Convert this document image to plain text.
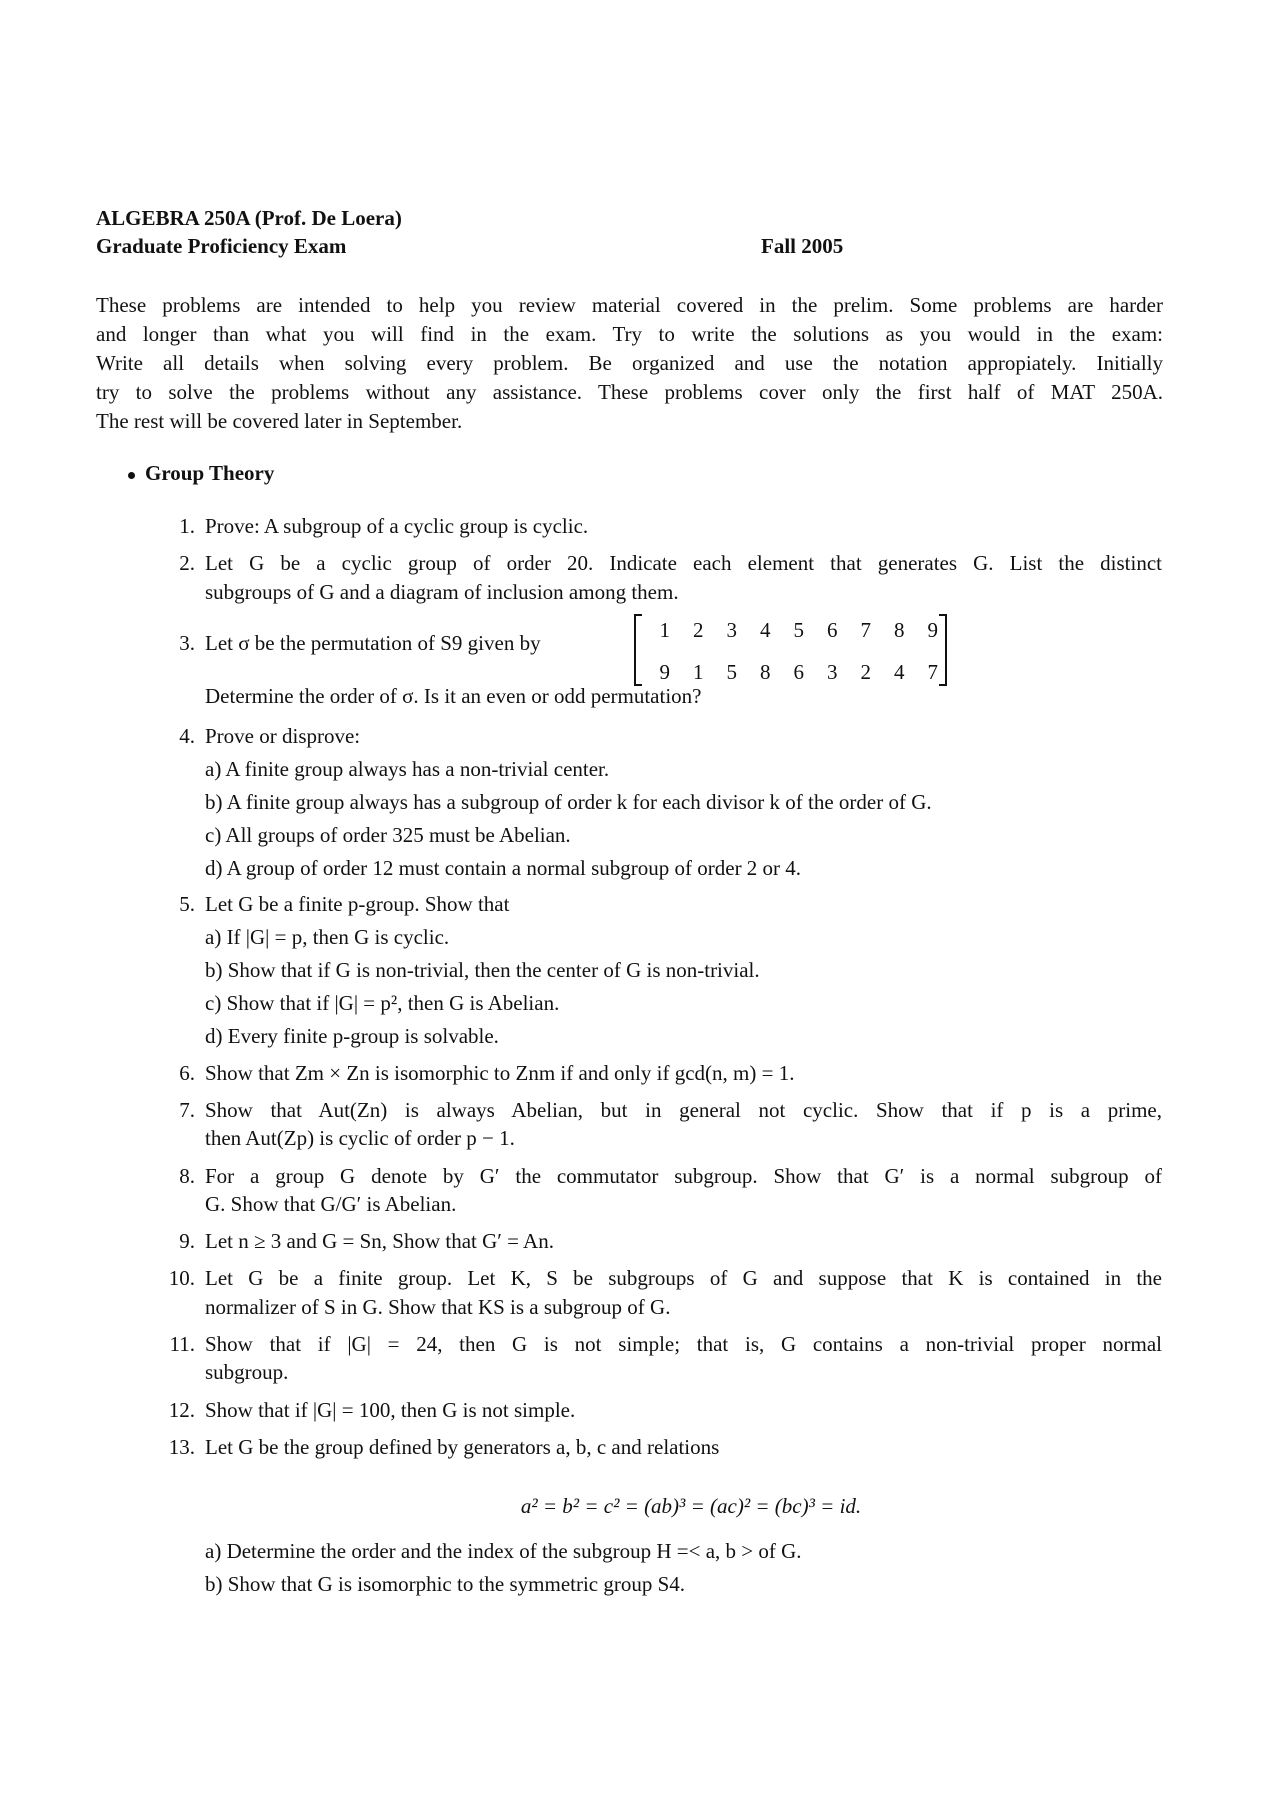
ALGEBRA 250A (Prof. De Loera)
Graduate Proficiency Exam	Fall 2005
These problems are intended to help you review material covered in the prelim. Some problems are harder
and longer than what you will find in the exam. Try to write the solutions as you would in the exam:
Write all details when solving every problem. Be organized and use the notation appropiately. Initially
try to solve the problems without any assistance. These problems cover only the first half of MAT 250A.
The rest will be covered later in September.
Group Theory
1. Prove: A subgroup of a cyclic group is cyclic.
2. Let G be a cyclic group of order 20. Indicate each element that generates G. List the distinct
subgroups of G and a diagram of inclusion among them.
3. Let σ be the permutation of S9 given by
1	2	3	4	5	6	7	8	9
9	1	5	8	6	3	2	4	7
Determine the order of σ. Is it an even or odd permutation?
4. Prove or disprove:
a) A finite group always has a non-trivial center.
b) A finite group always has a subgroup of order k for each divisor k of the order of G.
c) All groups of order 325 must be Abelian.
d) A group of order 12 must contain a normal subgroup of order 2 or 4.
5. Let G be a finite p-group. Show that
a) If |G| = p, then G is cyclic.
b) Show that if G is non-trivial, then the center of G is non-trivial.
c) Show that if |G| = p², then G is Abelian.
d) Every finite p-group is solvable.
6. Show that Zm × Zn is isomorphic to Znm if and only if gcd(n, m) = 1.
7. Show that Aut(Zn) is always Abelian, but in general not cyclic. Show that if p is a prime,
then Aut(Zp) is cyclic of order p − 1.
8. For a group G denote by G′ the commutator subgroup. Show that G′ is a normal subgroup of
G. Show that G/G′ is Abelian.
9. Let n ≥ 3 and G = Sn, Show that G′ = An.
10. Let G be a finite group. Let K, S be subgroups of G and suppose that K is contained in the
normalizer of S in G. Show that KS is a subgroup of G.
11. Show that if |G| = 24, then G is not simple; that is, G contains a non-trivial proper normal
subgroup.
12. Show that if |G| = 100, then G is not simple.
13. Let G be the group defined by generators a, b, c and relations
a² = b² = c² = (ab)³ = (ac)² = (bc)³ = id.
a) Determine the order and the index of the subgroup H =< a, b > of G.
b) Show that G is isomorphic to the symmetric group S4.
